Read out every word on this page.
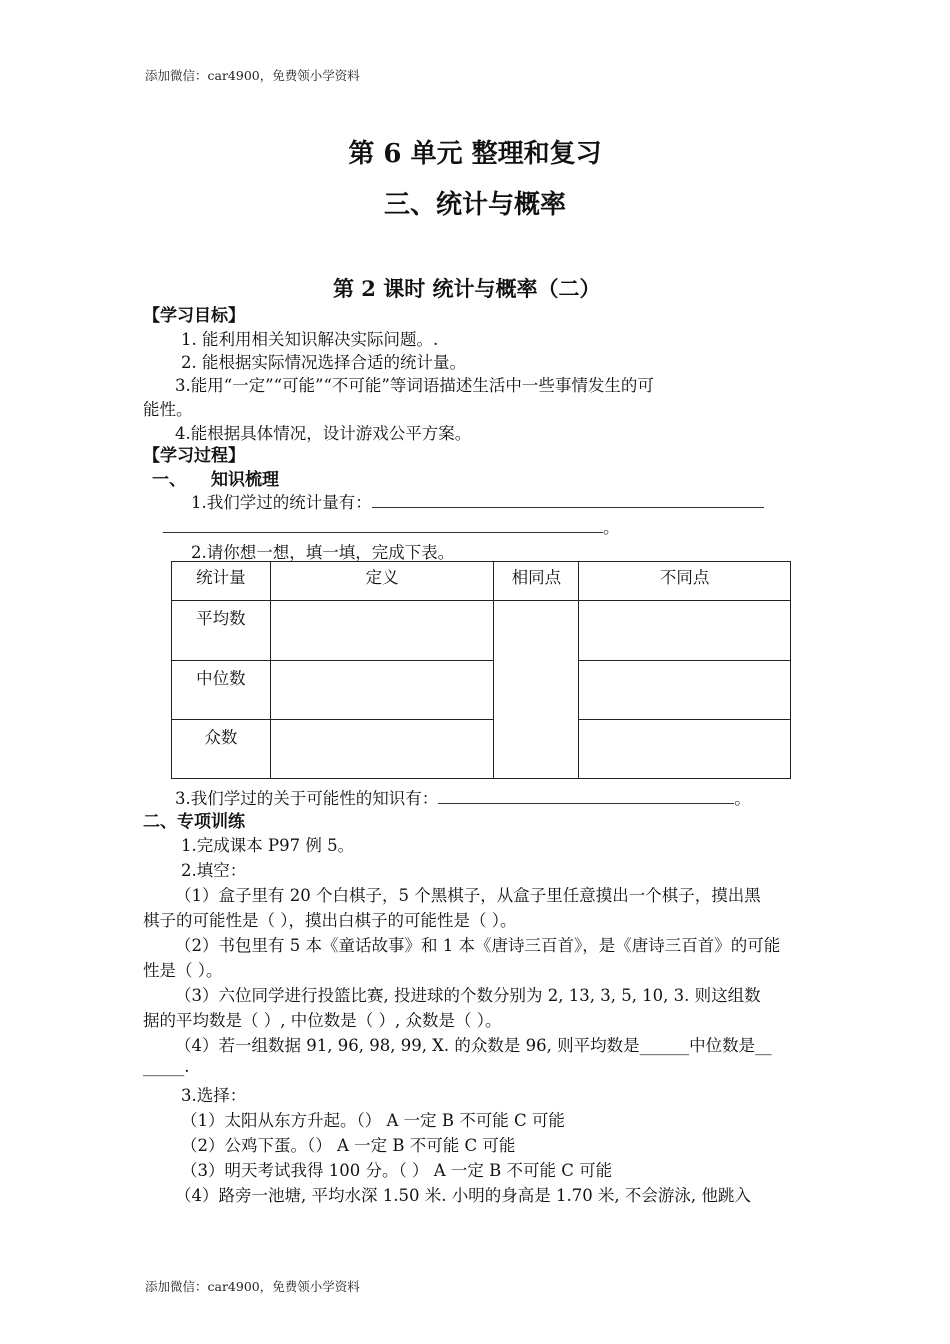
添加微信：car4900，免费领小学资料
第 6 单元 整理和复习
三、统计与概率
第 2 课时 统计与概率（二）
【学习目标】
1. 能利用相关知识解决实际问题。.
2. 能根据实际情况选择合适的统计量。
3.能用“一定”“可能”“不可能”等词语描述生活中一些事情发生的可
能性。
4.能根据具体情况，设计游戏公平方案。
【学习过程】
一、 知识梳理
1.我们学过的统计量有：
。
2.请你想一想，填一填，完成下表。
统计量	定义	相同点	不同点
平均数			
中位数			
众数			
3.我们学过的关于可能性的知识有：	。
二、专项训练
1.完成课本 P97 例 5。
2.填空：
（1）盒子里有 20 个白棋子，5 个黑棋子，从盒子里任意摸出一个棋子，摸出黑
棋子的可能性是（ ），摸出白棋子的可能性是（ ）。
（2）书包里有 5 本《童话故事》和 1 本《唐诗三百首》，是《唐诗三百首》的可能
性是（ ）。
（3）六位同学进行投篮比赛, 投进球的个数分别为 2, 13, 3, 5, 10, 3. 则这组数
据的平均数是（ ）, 中位数是（ ）, 众数是（ ）。
（4）若一组数据 91, 96, 98, 99, X. 的众数是 96, 则平均数是______中位数是__
_____.
3.选择：
（1）太阳从东方升起。（） A 一定 B 不可能 C 可能
（2）公鸡下蛋。（） A 一定 B 不可能 C 可能
（3）明天考试我得 100 分。（ ） A 一定 B 不可能 C 可能
（4）路旁一池塘, 平均水深 1.50 米. 小明的身高是 1.70 米, 不会游泳, 他跳入
添加微信：car4900，免费领小学资料
